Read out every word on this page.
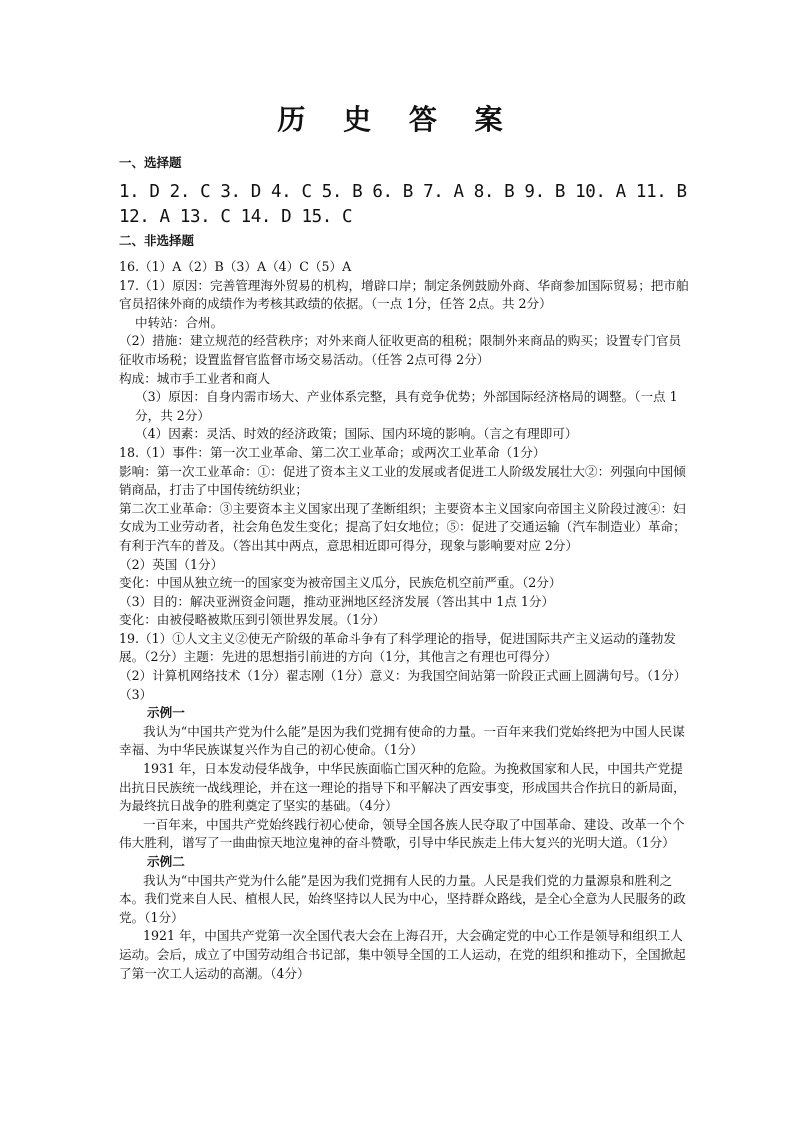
历 史 答 案
一、选择题
1. D 2. C 3. D 4. C 5. B 6. B 7. A 8. B 9. B 10. A 11. B 12. A 13. C 14. D 15. C
二、非选择题

16.（1）A（2）B（3）A（4）C（5）A

17.（1）原因：完善管理海外贸易的机构，增辟口岸；制定条例鼓励外商、华商参加国际贸易；把市舶官员招徕外商的成绩作为考核其政绩的依据。（一点 1分，任答 2点。共 2分）

中转站：合州。

（2）措施：建立规范的经营秩序；对外来商人征收更高的租税；限制外来商品的购买；设置专门官员征收市场税；设置监督官监督市场交易活动。（任答 2点可得 2分）

构成：城市手工业者和商人

（3）原因：自身内需市场大、产业体系完整，具有竞争优势；外部国际经济格局的调整。（一点 1分，共 2分）

（4）因素：灵活、时效的经济政策；国际、国内环境的影响。（言之有理即可）

18.（1）事件：第一次工业革命、第二次工业革命；或两次工业革命（1分）

影响：第一次工业革命：①：促进了资本主义工业的发展或者促进工人阶级发展壮大②：列强向中国倾销商品，打击了中国传统纺织业；

第二次工业革命：③主要资本主义国家出现了垄断组织；主要资本主义国家向帝国主义阶段过渡④：妇女成为工业劳动者，社会角色发生变化；提高了妇女地位；⑤：促进了交通运输（汽车制造业）革命；有利于汽车的普及。（答出其中两点，意思相近即可得分，现象与影响要对应 2分）

（2）英国（1分）

变化：中国从独立统一的国家变为被帝国主义瓜分，民族危机空前严重。（2分）

（3）目的：解决亚洲资金问题，推动亚洲地区经济发展（答出其中 1点 1分）

变化：由被侵略被欺压到引领世界发展。（1分）

19.（1）①人文主义②使无产阶级的革命斗争有了科学理论的指导，促进国际共产主义运动的蓬勃发展。（2分）主题：先进的思想指引前进的方向（1分，其他言之有理也可得分）

（2）计算机网络技术（1分）翟志刚（1分）意义：为我国空间站第一阶段正式画上圆满句号。（1分）

（3）

示例一

我认为“中国共产党为什么能”是因为我们党拥有使命的力量。一百年来我们党始终把为中国人民谋幸福、为中华民族谋复兴作为自己的初心使命。（1分）

1931 年，日本发动侵华战争，中华民族面临亡国灭种的危险。为挽救国家和人民，中国共产党提出抗日民族统一战线理论，并在这一理论的指导下和平解决了西安事变，形成国共合作抗日的新局面，为最终抗日战争的胜利奠定了坚实的基础。（4分）

一百年来，中国共产党始终践行初心使命，领导全国各族人民夺取了中国革命、建设、改革一个个伟大胜利，谱写了一曲曲惊天地泣鬼神的奋斗赞歌，引导中华民族走上伟大复兴的光明大道。（1分）

示例二

我认为“中国共产党为什么能”是因为我们党拥有人民的力量。人民是我们党的力量源泉和胜利之本。我们党来自人民、植根人民，始终坚持以人民为中心，坚持群众路线，是全心全意为人民服务的政党。（1分）

1921 年，中国共产党第一次全国代表大会在上海召开，大会确定党的中心工作是领导和组织工人运动。会后，成立了中国劳动组合书记部，集中领导全国的工人运动，在党的组织和推动下，全国掀起了第一次工人运动的高潮。（4分）
